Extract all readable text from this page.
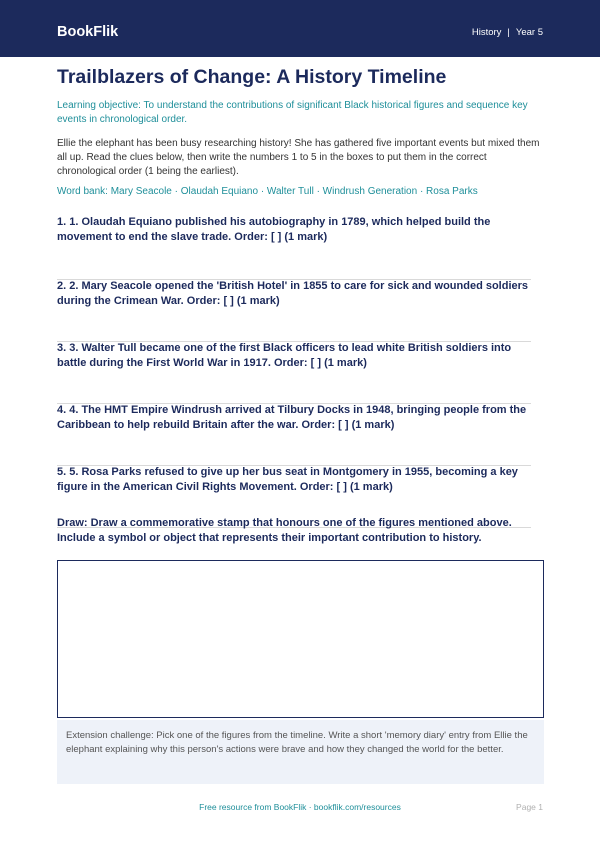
BookFlik	History | Year 5
Trailblazers of Change: A History Timeline
Learning objective: To understand the contributions of significant Black historical figures and sequence key events in chronological order.
Ellie the elephant has been busy researching history! She has gathered five important events but mixed them all up. Read the clues below, then write the numbers 1 to 5 in the boxes to put them in the correct chronological order (1 being the earliest).
Word bank: Mary Seacole · Olaudah Equiano · Walter Tull · Windrush Generation · Rosa Parks
1. 1. Olaudah Equiano published his autobiography in 1789, which helped build the movement to end the slave trade. Order: [ ] (1 mark)
2. 2. Mary Seacole opened the 'British Hotel' in 1855 to care for sick and wounded soldiers during the Crimean War. Order: [ ] (1 mark)
3. 3. Walter Tull became one of the first Black officers to lead white British soldiers into battle during the First World War in 1917. Order: [ ] (1 mark)
4. 4. The HMT Empire Windrush arrived at Tilbury Docks in 1948, bringing people from the Caribbean to help rebuild Britain after the war. Order: [ ] (1 mark)
5. 5. Rosa Parks refused to give up her bus seat in Montgomery in 1955, becoming a key figure in the American Civil Rights Movement. Order: [ ] (1 mark)
Draw: Draw a commemorative stamp that honours one of the figures mentioned above. Include a symbol or object that represents their important contribution to history.
Extension challenge: Pick one of the figures from the timeline. Write a short 'memory diary' entry from Ellie the elephant explaining why this person's actions were brave and how they changed the world for the better.
Free resource from BookFlik · bookflik.com/resources	Page 1
